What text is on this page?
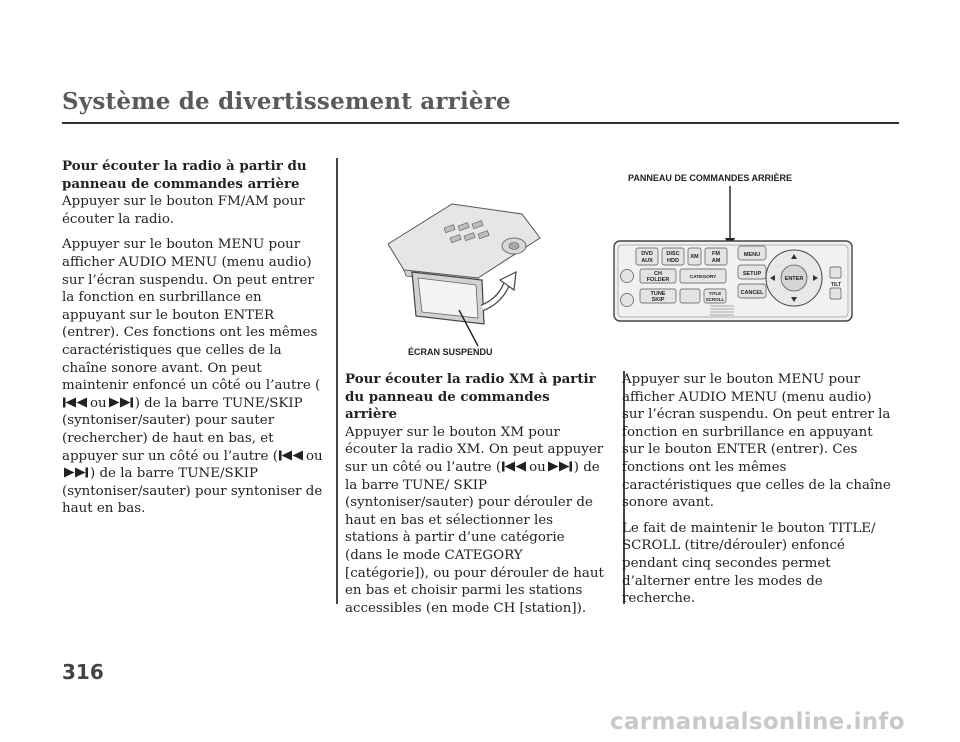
Système de divertissement arrière

Pour écouter la radio à partir du panneau de commandes arrière
Appuyer sur le bouton FM/AM pour écouter la radio.

Appuyer sur le bouton MENU pour afficher AUDIO MENU (menu audio) sur l’écran suspendu. On peut entrer la fonction en surbrillance en appuyant sur le bouton ENTER (entrer). Ces fonctions ont les mêmes caractéristiques que celles de la chaîne sonore avant. On peut maintenir enfoncé un côté ou l’autre (ou ) de la barre TUNE/SKIP (syntoniser/sauter) pour sauter (rechercher) de haut en bas, et appuyer sur un côté ou l’autre ( ou) de la barre TUNE/SKIP (syntoniser/sauter) pour syntoniser de haut en bas.

ÉCRAN SUSPENDU
PANNEAU DE COMMANDES ARRIÈRE
DVD
AUX
DISC
HDD
XM FM
AM
MENU
SETUP
CANCEL
ENTER
TILT
CH
FOLDER	CATEGORY
TUNE
SKIP
TITLE
SCROLL
Pour écouter la radio XM à partir du panneau de commandes arrière

Appuyer sur le bouton XM pour écouter la radio XM. On peut appuyer sur un côté ou l’autre ( ou ) de la barre TUNE/ SKIP (syntoniser/sauter) pour dérouler de haut en bas et sélectionner les stations à partir d’une catégorie (dans le mode CATEGORY [catégorie]), ou pour dérouler de haut en bas et choisir parmi les stations accessibles (en mode CH [station]).

Appuyer sur le bouton MENU pour afficher AUDIO MENU (menu audio) sur l’écran suspendu. On peut entrer la fonction en surbrillance en appuyant sur le bouton ENTER (entrer). Ces fonctions ont les mêmes caractéristiques que celles de la chaîne sonore avant.

Le fait de maintenir le bouton TITLE/ SCROLL (titre/dérouler) enfoncé pendant cinq secondes permet d’alterner entre les modes de recherche.

316
carmanualsonline.info
